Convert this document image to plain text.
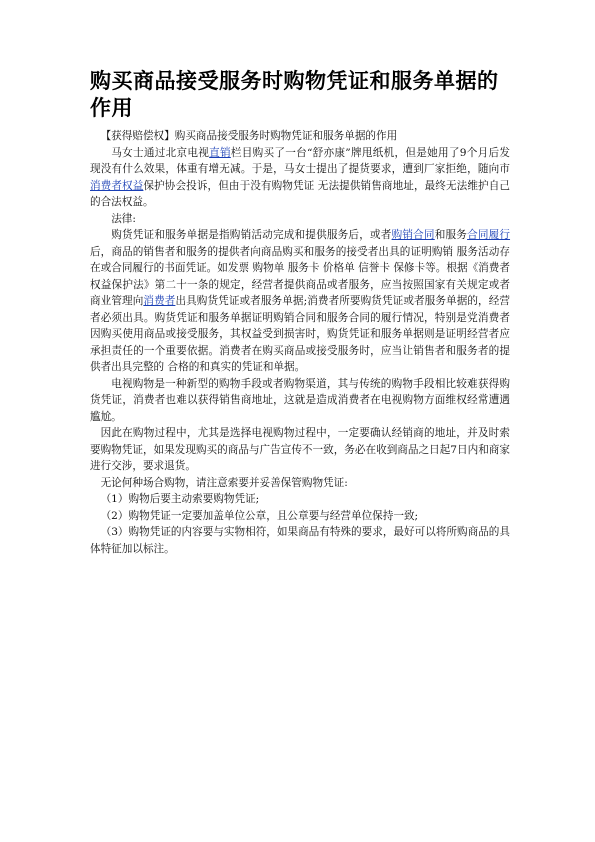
购买商品接受服务时购物凭证和服务单据的作用

【获得赔偿权】购买商品接受服务时购物凭证和服务单据的作用

马女士通过北京电视直销栏目购买了一台“舒亦康”牌甩纸机，但是她用了9个月后发现没有什么效果，体重有增无减。于是，马女士提出了提货要求，遭到厂家拒绝，随向市消费者权益保护协会投诉，但由于没有购物凭证 无法提供销售商地址，最终无法维护自己的合法权益。

法律:

购货凭证和服务单据是指购销活动完成和提供服务后，或者购销合同和服务合同履行后，商品的销售者和服务的提供者向商品购买和服务的接受者出具的证明购销 服务活动存在或合同履行的书面凭证。如发票 购物单 服务卡 价格单 信誉卡 保修卡等。根据《消费者权益保护法》第二十一条的规定，经营者提供商品或者服务，应当按照国家有关规定或者商业管理向消费者出具购货凭证或者服务单据;消费者所要购货凭证或者服务单据的，经营者必须出具。购货凭证和服务单据证明购销合同和服务合同的履行情况，特别是党消费者因购买使用商品或接受服务，其权益受到损害时，购货凭证和服务单据则是证明经营者应承担责任的一个重要依据。消费者在购买商品或接受服务时，应当让销售者和服务者的提供者出具完整的 合格的和真实的凭证和单据。

电视购物是一种新型的购物手段或者购物渠道，其与传统的购物手段相比较难获得购货凭证，消费者也难以获得销售商地址，这就是造成消费者在电视购物方面维权经常遭遇尴尬。

因此在购物过程中，尤其是选择电视购物过程中，一定要确认经销商的地址，并及时索要购物凭证，如果发现购买的商品与广告宣传不一致，务必在收到商品之日起7日内和商家进行交涉，要求退货。

无论何种场合购物，请注意索要并妥善保管购物凭证:

（1）购物后要主动索要购物凭证;

（2）购物凭证一定要加盖单位公章，且公章要与经营单位保持一致;

（3）购物凭证的内容要与实物相符，如果商品有特殊的要求，最好可以将所购商品的具体特征加以标注。
